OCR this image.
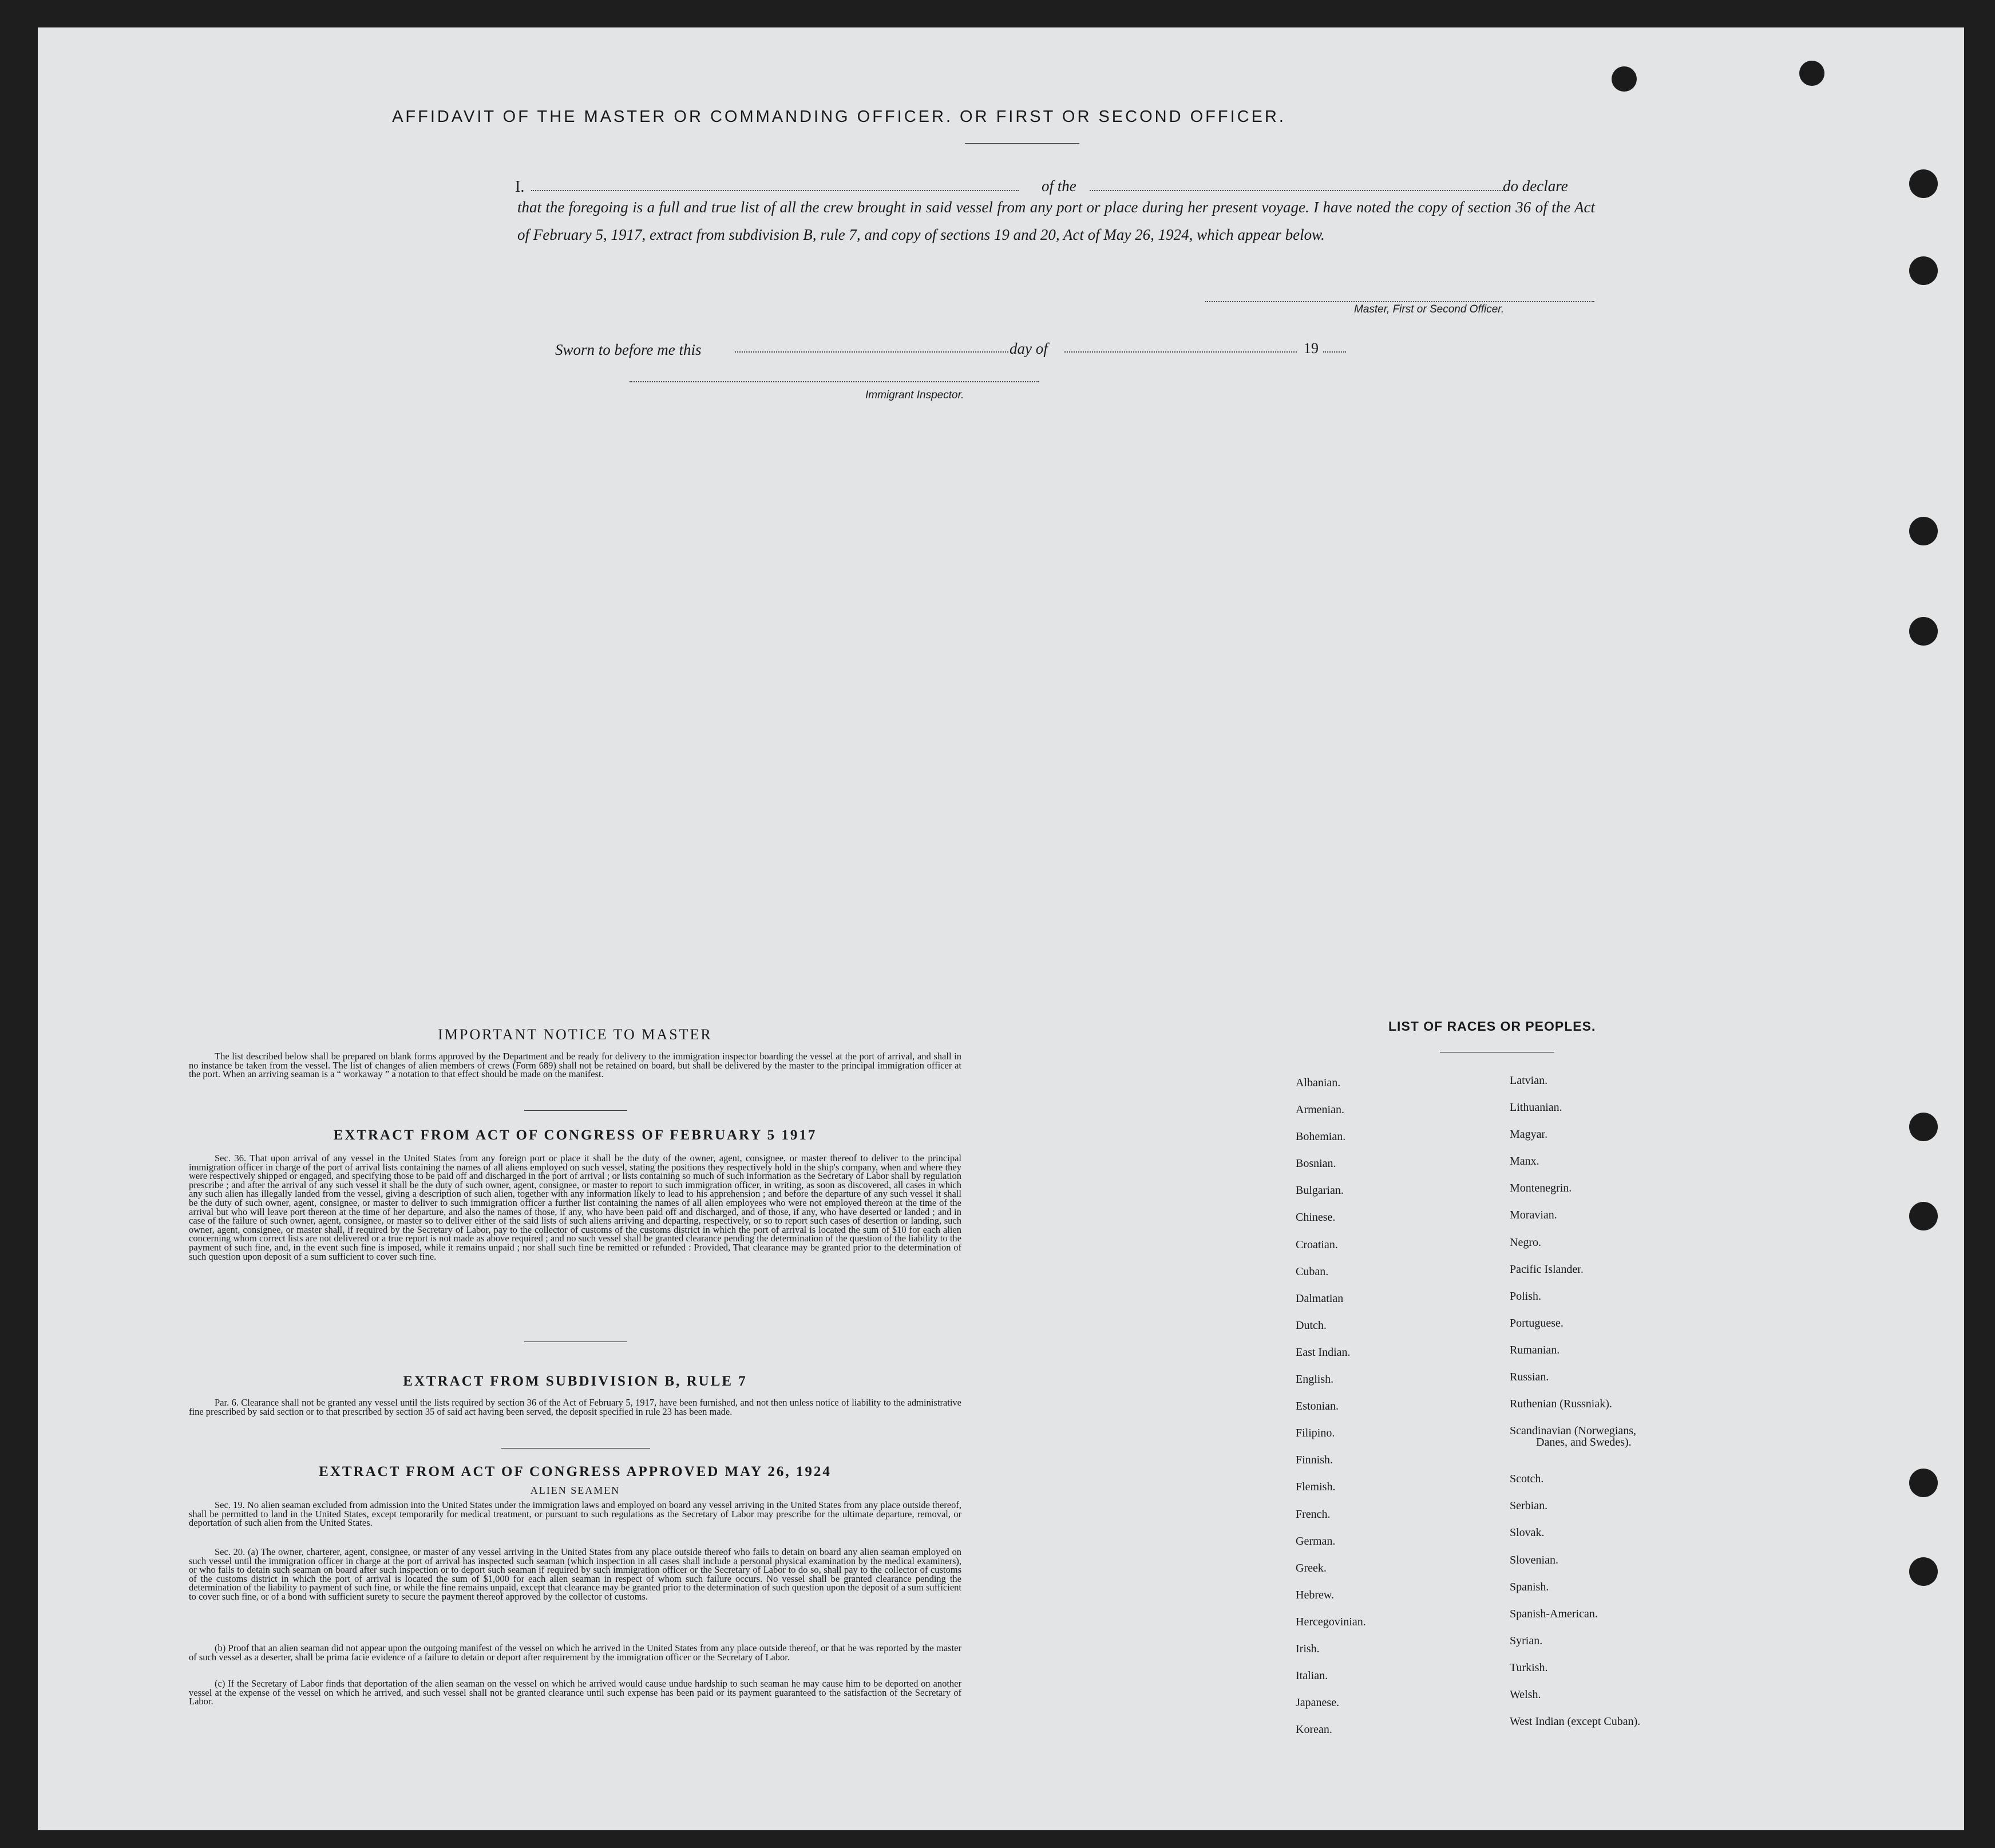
AFFIDAVIT OF THE MASTER OR COMMANDING OFFICER. OR FIRST OR SECOND OFFICER.
I.	of the	do declare
that the foregoing is a full and true list of all the crew brought in said vessel from any port or place during her present voyage. I have noted the copy of section 36 of the Act of February 5, 1917, extract from subdivision B, rule 7, and copy of sections 19 and 20, Act of May 26, 1924, which appear below.
Master, First or Second Officer.
Sworn to before me this	day of	19
Immigrant Inspector.
IMPORTANT NOTICE TO MASTER

The list described below shall be prepared on blank forms approved by the Department and be ready for delivery to the immigration inspector boarding the vessel at the port of arrival, and shall in no instance be taken from the vessel. The list of changes of alien members of crews (Form 689) shall not be retained on board, but shall be delivered by the master to the principal immigration officer at the port. When an arriving seaman is a “ workaway ” a notation to that effect should be made on the manifest.

EXTRACT FROM ACT OF CONGRESS OF FEBRUARY 5 1917

Sec. 36. That upon arrival of any vessel in the United States from any foreign port or place it shall be the duty of the owner, agent, consignee, or master thereof to deliver to the principal immigration officer in charge of the port of arrival lists containing the names of all aliens employed on such vessel, stating the positions they respectively hold in the ship's company, when and where they were respectively shipped or engaged, and specifying those to be paid off and discharged in the port of arrival ; or lists containing so much of such information as the Secretary of Labor shall by regulation prescribe ; and after the arrival of any such vessel it shall be the duty of such owner, agent, consignee, or master to report to such immigration officer, in writing, as soon as discovered, all cases in which any such alien has illegally landed from the vessel, giving a description of such alien, together with any information likely to lead to his apprehension ; and before the departure of any such vessel it shall be the duty of such owner, agent, consignee, or master to deliver to such immigration officer a further list containing the names of all alien employees who were not employed thereon at the time of the arrival but who will leave port thereon at the time of her departure, and also the names of those, if any, who have been paid off and discharged, and of those, if any, who have deserted or landed ; and in case of the failure of such owner, agent, consignee, or master so to deliver either of the said lists of such aliens arriving and departing, respectively, or so to report such cases of desertion or landing, such owner, agent, consignee, or master shall, if required by the Secretary of Labor, pay to the collector of customs of the customs district in which the port of arrival is located the sum of $10 for each alien concerning whom correct lists are not delivered or a true report is not made as above required ; and no such vessel shall be granted clearance pending the determination of the question of the liability to the payment of such fine, and, in the event such fine is imposed, while it remains unpaid ; nor shall such fine be remitted or refunded : Provided, That clearance may be granted prior to the determination of such question upon deposit of a sum sufficient to cover such fine.

EXTRACT FROM SUBDIVISION B, RULE 7

Par. 6. Clearance shall not be granted any vessel until the lists required by section 36 of the Act of February 5, 1917, have been furnished, and not then unless notice of liability to the administrative fine prescribed by said section or to that prescribed by section 35 of said act having been served, the deposit specified in rule 23 has been made.

EXTRACT FROM ACT OF CONGRESS APPROVED MAY 26, 1924
ALIEN SEAMEN

Sec. 19. No alien seaman excluded from admission into the United States under the immigration laws and employed on board any vessel arriving in the United States from any place outside thereof, shall be permitted to land in the United States, except temporarily for medical treatment, or pursuant to such regulations as the Secretary of Labor may prescribe for the ultimate departure, removal, or deportation of such alien from the United States.

Sec. 20. (a) The owner, charterer, agent, consignee, or master of any vessel arriving in the United States from any place outside thereof who fails to detain on board any alien seaman employed on such vessel until the immigration officer in charge at the port of arrival has inspected such seaman (which inspection in all cases shall include a personal physical examination by the medical examiners), or who fails to detain such seaman on board after such inspection or to deport such seaman if required by such immigration officer or the Secretary of Labor to do so, shall pay to the collector of customs of the customs district in which the port of arrival is located the sum of $1,000 for each alien seaman in respect of whom such failure occurs. No vessel shall be granted clearance pending the determination of the liability to payment of such fine, or while the fine remains unpaid, except that clearance may be granted prior to the determination of such question upon the deposit of a sum sufficient to cover such fine, or of a bond with sufficient surety to secure the payment thereof approved by the collector of customs.

(b) Proof that an alien seaman did not appear upon the outgoing manifest of the vessel on which he arrived in the United States from any place outside thereof, or that he was reported by the master of such vessel as a deserter, shall be prima facie evidence of a failure to detain or deport after requirement by the immigration officer or the Secretary of Labor.

(c) If the Secretary of Labor finds that deportation of the alien seaman on the vessel on which he arrived would cause undue hardship to such seaman he may cause him to be deported on another vessel at the expense of the vessel on which he arrived, and such vessel shall not be granted clearance until such expense has been paid or its payment guaranteed to the satisfaction of the Secretary of Labor.

LIST OF RACES OR PEOPLES.
Albanian.
Armenian.
Bohemian.
Bosnian.
Bulgarian.
Chinese.
Croatian.
Cuban.
Dalmatian
Dutch.
East Indian.
English.
Estonian.
Filipino.
Finnish.
Flemish.
French.
German.
Greek.
Hebrew.
Hercegovinian.
Irish.
Italian.
Japanese.
Korean.
Latvian.
Lithuanian.
Magyar.
Manx.
Montenegrin.
Moravian.
Negro.
Pacific Islander.
Polish.
Portuguese.
Rumanian.
Russian.
Ruthenian (Russniak).
Scandinavian (Norwegians,
Danes, and Swedes).
Scotch.
Serbian.
Slovak.
Slovenian.
Spanish.
Spanish-American.
Syrian.
Turkish.
Welsh.
West Indian (except Cuban).
